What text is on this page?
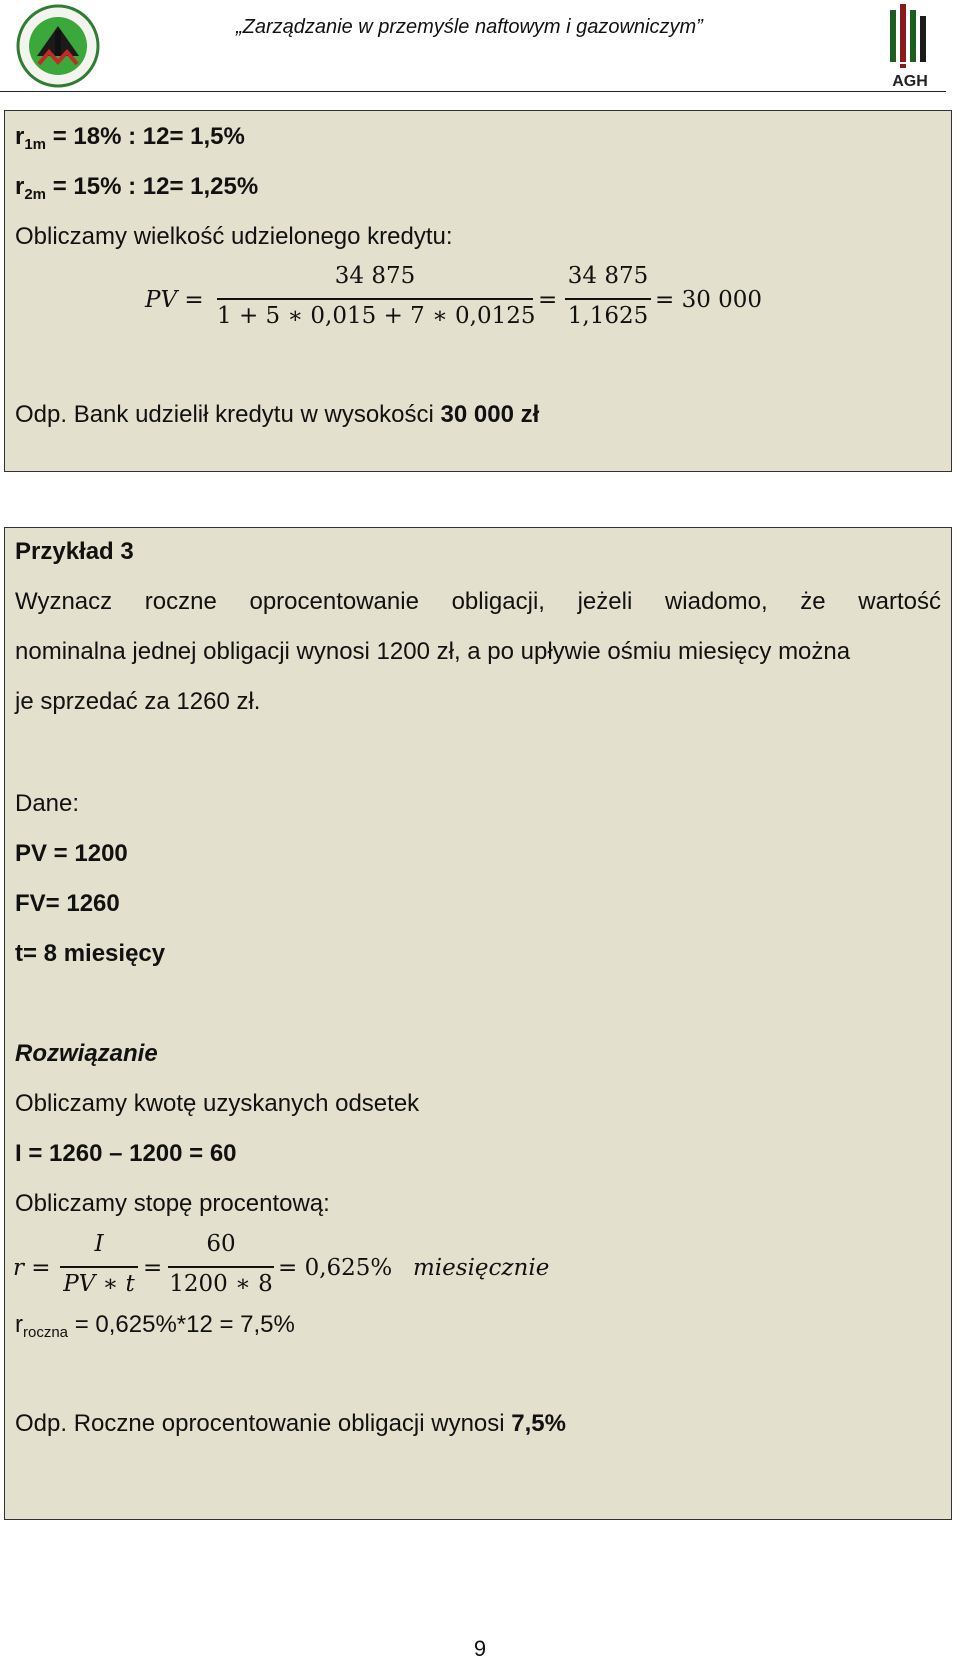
„Zarządzanie w przemyśle naftowym i gazowniczym”
AGH
$r_{1m} = 18\%$ : 12= 1,5%
$r_{2m} = 15\%$ : 12= 1,25%
Obliczamy wielkość udzielonego kredytu:
PV =
34 875
1 + 5 ∗ 0,015 + 7 ∗ 0,0125
=
34 875
1,1625
= 30 000
Odp. Bank udzielił kredytu w wysokości 30 000 zł
Przykład 3
Wyznacz roczne oprocentowanie obligacji, jeżeli wiadomo, że wartość
nominalna jednej obligacji wynosi 1200 zł, a po upływie ośmiu miesięcy można
je sprzedać za 1260 zł.
Dane:
PV = 1200
FV= 1260
t= 8 miesięcy
Rozwiązanie
Obliczamy kwotę uzyskanych odsetek
I = 1260 – 1200 = 60
Obliczamy stopę procentową:
r =
I
PV ∗ t
=
60
1200 ∗ 8
= 0,625% miesięcznie
$r_{roczna} = 0,625\%*12 = 7,5\%$
Odp. Roczne oprocentowanie obligacji wynosi 7,5%
9
